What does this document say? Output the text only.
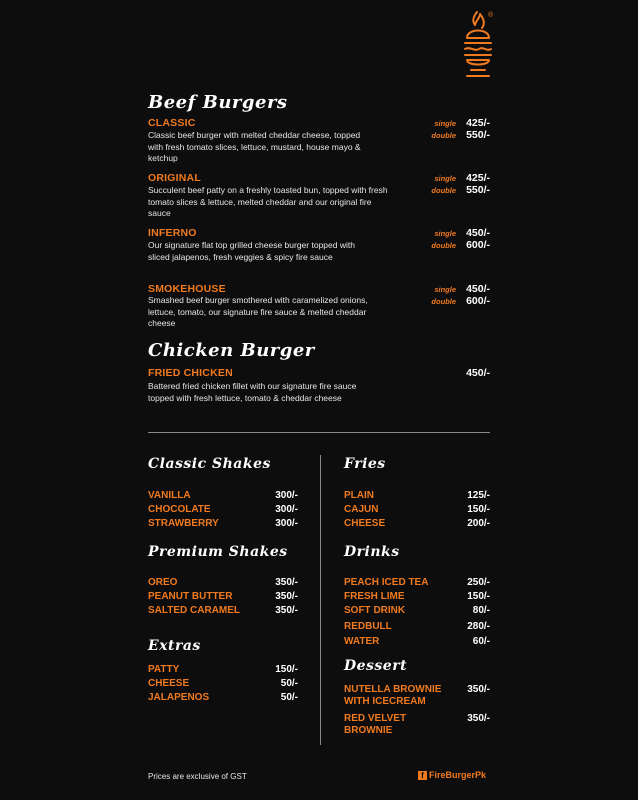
®
Beef Burgers
CLASSIC
Classic beef burger with melted cheddar cheese, topped with fresh tomato slices, lettuce, mustard, house mayo & ketchup
single 425/-
double 550/-
ORIGINAL
Succulent beef patty on a freshly toasted bun, topped with fresh tomato slices & lettuce, melted cheddar and our original fire sauce
single 425/-
double 550/-
INFERNO
Our signature flat top grilled cheese burger topped with sliced jalapenos, fresh veggies & spicy fire sauce
single 450/-
double 600/-
SMOKEHOUSE
Smashed beef burger smothered with caramelized onions, lettuce, tomato, our signature fire sauce & melted cheddar cheese
single 450/-
double 600/-
Chicken Burger
FRIED CHICKEN	450/-
Battered fried chicken fillet with our signature fire sauce topped with fresh lettuce, tomato & cheddar cheese
Classic Shakes
VANILLA	300/-
CHOCOLATE	300/-
STRAWBERRY	300/-
Premium Shakes
OREO	350/-
PEANUT BUTTER	350/-
SALTED CARAMEL	350/-
Extras
PATTY	150/-
CHEESE	50/-
JALAPENOS	50/-
Fries
PLAIN	125/-
CAJUN	150/-
CHEESE	200/-
Drinks
PEACH ICED TEA	250/-
FRESH LIME	150/-
SOFT DRINK	80/-
REDBULL	280/-
WATER	60/-
Dessert
NUTELLA BROWNIE
WITH ICECREAM
350/-
RED VELVET
BROWNIE
350/-
Prices are exclusive of GST	f FireBurgerPk
